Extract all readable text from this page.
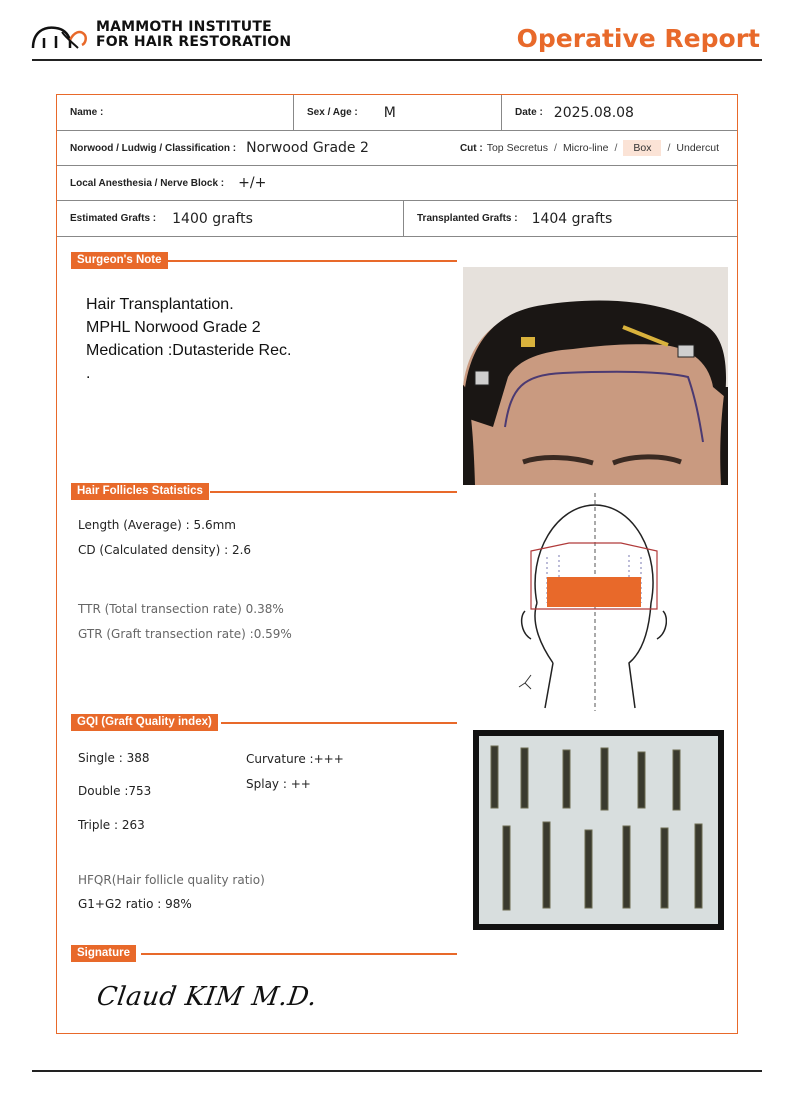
MAMMOTH INSTITUTE
FOR HAIR RESTORATION	Operative Report
Name :	Sex / Age : M	Date : 2025.08.08
Norwood / Ludwig / Classification : Norwood Grade 2	Cut : Top Secretus / Micro-line /	Box	/ Undercut
Local Anesthesia / Nerve Block : +/+
Estimated Grafts : 1400 grafts	Transplanted Grafts : 1404 grafts
Surgeon's Note
Hair Transplantation.
MPHL Norwood Grade 2
Medication :Dutasteride Rec.
.
Hair Follicles Statistics
Length (Average) : 5.6mm
CD (Calculated density) : 2.6
TTR (Total transection rate) 0.38%
GTR (Graft transection rate) :0.59%
GQI (Graft Quality index)
Single : 388
Double :753
Triple : 263
Curvature :+++
Splay : ++
HFQR(Hair follicle quality ratio)
G1+G2 ratio : 98%
Signature
Claud KIM M.D.
